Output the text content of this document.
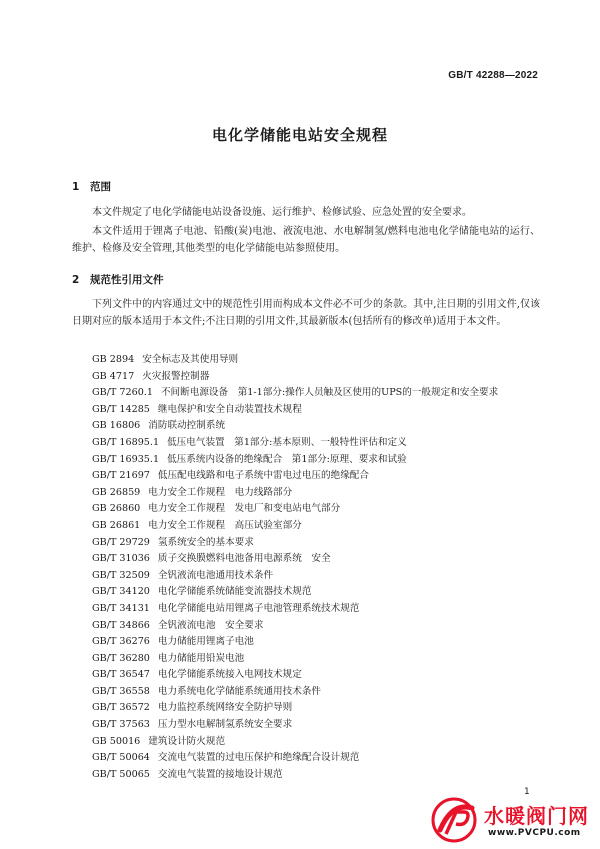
GB/T 42288—2022
电化学储能电站安全规程
1 范围
本文件规定了电化学储能电站设备设施、运行维护、检修试验、应急处置的安全要求。
本文件适用于锂离子电池、铅酸(炭)电池、液流电池、水电解制氢/燃料电池电化学储能电站的运行、维护、检修及安全管理,其他类型的电化学储能电站参照使用。
2 规范性引用文件
下列文件中的内容通过文中的规范性引用而构成本文件必不可少的条款。其中,注日期的引用文件,仅该日期对应的版本适用于本文件;不注日期的引用文件,其最新版本(包括所有的修改单)适用于本文件。
GB 2894 安全标志及其使用导则
GB 4717 火灾报警控制器
GB/T 7260.1 不间断电源设备　第1-1部分:操作人员触及区使用的UPS的一般规定和安全要求
GB/T 14285 继电保护和安全自动装置技术规程
GB 16806 消防联动控制系统
GB/T 16895.1 低压电气装置　第1部分:基本原则、一般特性评估和定义
GB/T 16935.1 低压系统内设备的绝缘配合　第1部分:原理、要求和试验
GB/T 21697 低压配电线路和电子系统中雷电过电压的绝缘配合
GB 26859 电力安全工作规程　电力线路部分
GB 26860 电力安全工作规程　发电厂和变电站电气部分
GB 26861 电力安全工作规程　高压试验室部分
GB/T 29729 氢系统安全的基本要求
GB/T 31036 质子交换膜燃料电池备用电源系统　安全
GB/T 32509 全钒液流电池通用技术条件
GB/T 34120 电化学储能系统储能变流器技术规范
GB/T 34131 电化学储能电站用锂离子电池管理系统技术规范
GB/T 34866 全钒液流电池　安全要求
GB/T 36276 电力储能用锂离子电池
GB/T 36280 电力储能用铅炭电池
GB/T 36547 电化学储能系统接入电网技术规定
GB/T 36558 电力系统电化学储能系统通用技术条件
GB/T 36572 电力监控系统网络安全防护导则
GB/T 37563 压力型水电解制氢系统安全要求
GB 50016 建筑设计防火规范
GB/T 50064 交流电气装置的过电压保护和绝缘配合设计规范
GB/T 50065 交流电气装置的接地设计规范
1
水暖阀门网
www.PVCPU.com
